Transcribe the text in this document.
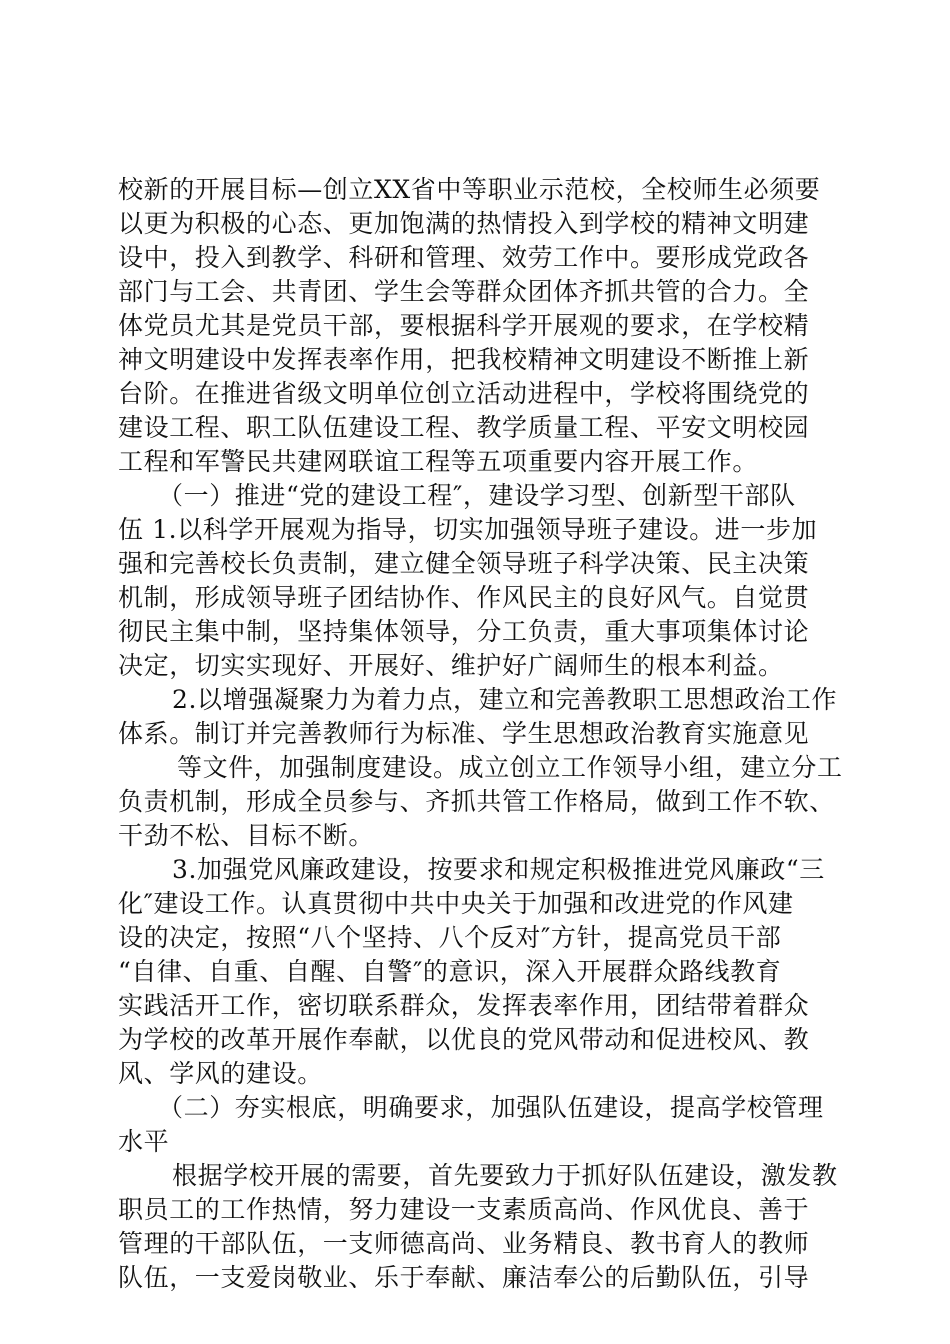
校新的开展目标—创立XX省中等职业示范校，全校师生必须要
以更为积极的心态、更加饱满的热情投入到学校的精神文明建
设中，投入到教学、科研和管理、效劳工作中。要形成党政各
部门与工会、共青团、学生会等群众团体齐抓共管的合力。全
体党员尤其是党员干部，要根据科学开展观的要求，在学校精
神文明建设中发挥表率作用，把我校精神文明建设不断推上新
台阶。在推进省级文明单位创立活动进程中，学校将围绕党的
建设工程、职工队伍建设工程、教学质量工程、平安文明校园
工程和军警民共建网联谊工程等五项重要内容开展工作。
（一）推进“党的建设工程″，建设学习型、创新型干部队
伍 1.以科学开展观为指导，切实加强领导班子建设。进一步加
强和完善校长负责制，建立健全领导班子科学决策、民主决策
机制，形成领导班子团结协作、作风民主的良好风气。自觉贯
彻民主集中制，坚持集体领导，分工负责，重大事项集体讨论
决定，切实实现好、开展好、维护好广阔师生的根本利益。
2.以增强凝聚力为着力点，建立和完善教职工思想政治工作
体系。制订并完善教师行为标准、学生思想政治教育实施意见
等文件，加强制度建设。成立创立工作领导小组，建立分工
负责机制，形成全员参与、齐抓共管工作格局，做到工作不软、
干劲不松、目标不断。
3.加强党风廉政建设，按要求和规定积极推进党风廉政“三
化″建设工作。认真贯彻中共中央关于加强和改进党的作风建
设的决定，按照“八个坚持、八个反对″方针，提高党员干部
“自律、自重、自醒、自警″的意识，深入开展群众路线教育
实践活开工作，密切联系群众，发挥表率作用，团结带着群众
为学校的改革开展作奉献，以优良的党风带动和促进校风、教
风、学风的建设。
（二）夯实根底，明确要求，加强队伍建设，提高学校管理
水平
根据学校开展的需要，首先要致力于抓好队伍建设，激发教
职员工的工作热情，努力建设一支素质高尚、作风优良、善于
管理的干部队伍，一支师德高尚、业务精良、教书育人的教师
队伍，一支爱岗敬业、乐于奉献、廉洁奉公的后勤队伍，引导
